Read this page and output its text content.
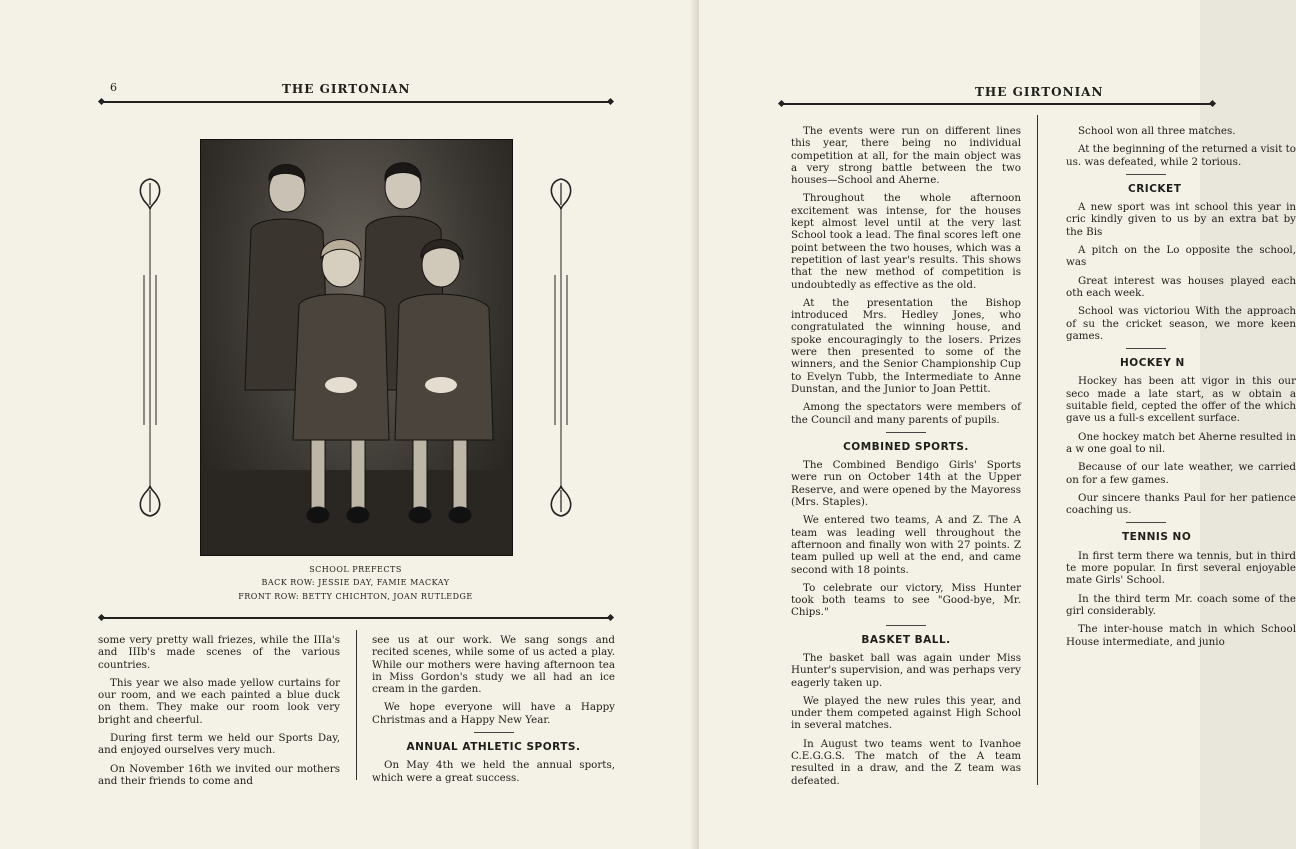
6	THE GIRTONIAN
SCHOOL PREFECTS
BACK ROW: JESSIE DAY, FAMIE MACKAY
FRONT ROW: BETTY CHICHTON, JOAN RUTLEDGE

some very pretty wall friezes, while the IIIa's and IIIb's made scenes of the various countries.

This year we also made yellow curtains for our room, and we each painted a blue duck on them. They make our room look very bright and cheerful.

During first term we held our Sports Day, and enjoyed ourselves very much.

On November 16th we invited our mothers and their friends to come and

see us at our work. We sang songs and recited scenes, while some of us acted a play. While our mothers were having afternoon tea in Miss Gordon's study we all had an ice cream in the garden.

We hope everyone will have a Happy Christmas and a Happy New Year.

ANNUAL ATHLETIC SPORTS.

On May 4th we held the annual sports, which were a great success.

THE GIRTONIAN

The events were run on different lines this year, there being no individual competition at all, for the main object was a very strong battle between the two houses—School and Aherne.

Throughout the whole afternoon excitement was intense, for the houses kept almost level until at the very last School took a lead. The final scores left one point between the two houses, which was a repetition of last year's results. This shows that the new method of competition is undoubtedly as effective as the old.

At the presentation the Bishop introduced Mrs. Hedley Jones, who congratulated the winning house, and spoke encouragingly to the losers. Prizes were then presented to some of the winners, and the Senior Championship Cup to Evelyn Tubb, the Intermediate to Anne Dunstan, and the Junior to Joan Pettit.

Among the spectators were members of the Council and many parents of pupils.

COMBINED SPORTS.

The Combined Bendigo Girls' Sports were run on October 14th at the Upper Reserve, and were opened by the Mayoress (Mrs. Staples).

We entered two teams, A and Z. The A team was leading well throughout the afternoon and finally won with 27 points. Z team pulled up well at the end, and came second with 18 points.

To celebrate our victory, Miss Hunter took both teams to see "Good-bye, Mr. Chips."

BASKET BALL.

The basket ball was again under Miss Hunter's supervision, and was perhaps very eagerly taken up.

We played the new rules this year, and under them competed against High School in several matches.

In August two teams went to Ivanhoe C.E.G.G.S. The match of the A team resulted in a draw, and the Z team was defeated.

School won all three matches.

At the beginning of the returned a visit to us. was defeated, while 2 torious.

CRICKET

A new sport was int school this year in cric kindly given to us by an extra bat by the Bis

A pitch on the Lo opposite the school, was

Great interest was houses played each oth each week.

School was victoriou With the approach of su the cricket season, we more keen games.

HOCKEY N

Hockey has been att vigor in this our seco made a late start, as w obtain a suitable field, cepted the offer of the which gave us a full-s excellent surface.

One hockey match bet Aherne resulted in a w one goal to nil.

Because of our late weather, we carried on for a few games.

Our sincere thanks Paul for her patience coaching us.

TENNIS NO

In first term there wa tennis, but in third te more popular. In first several enjoyable mate Girls' School.

In the third term Mr. coach some of the girl considerably.

The inter-house match in which School House intermediate, and junio
